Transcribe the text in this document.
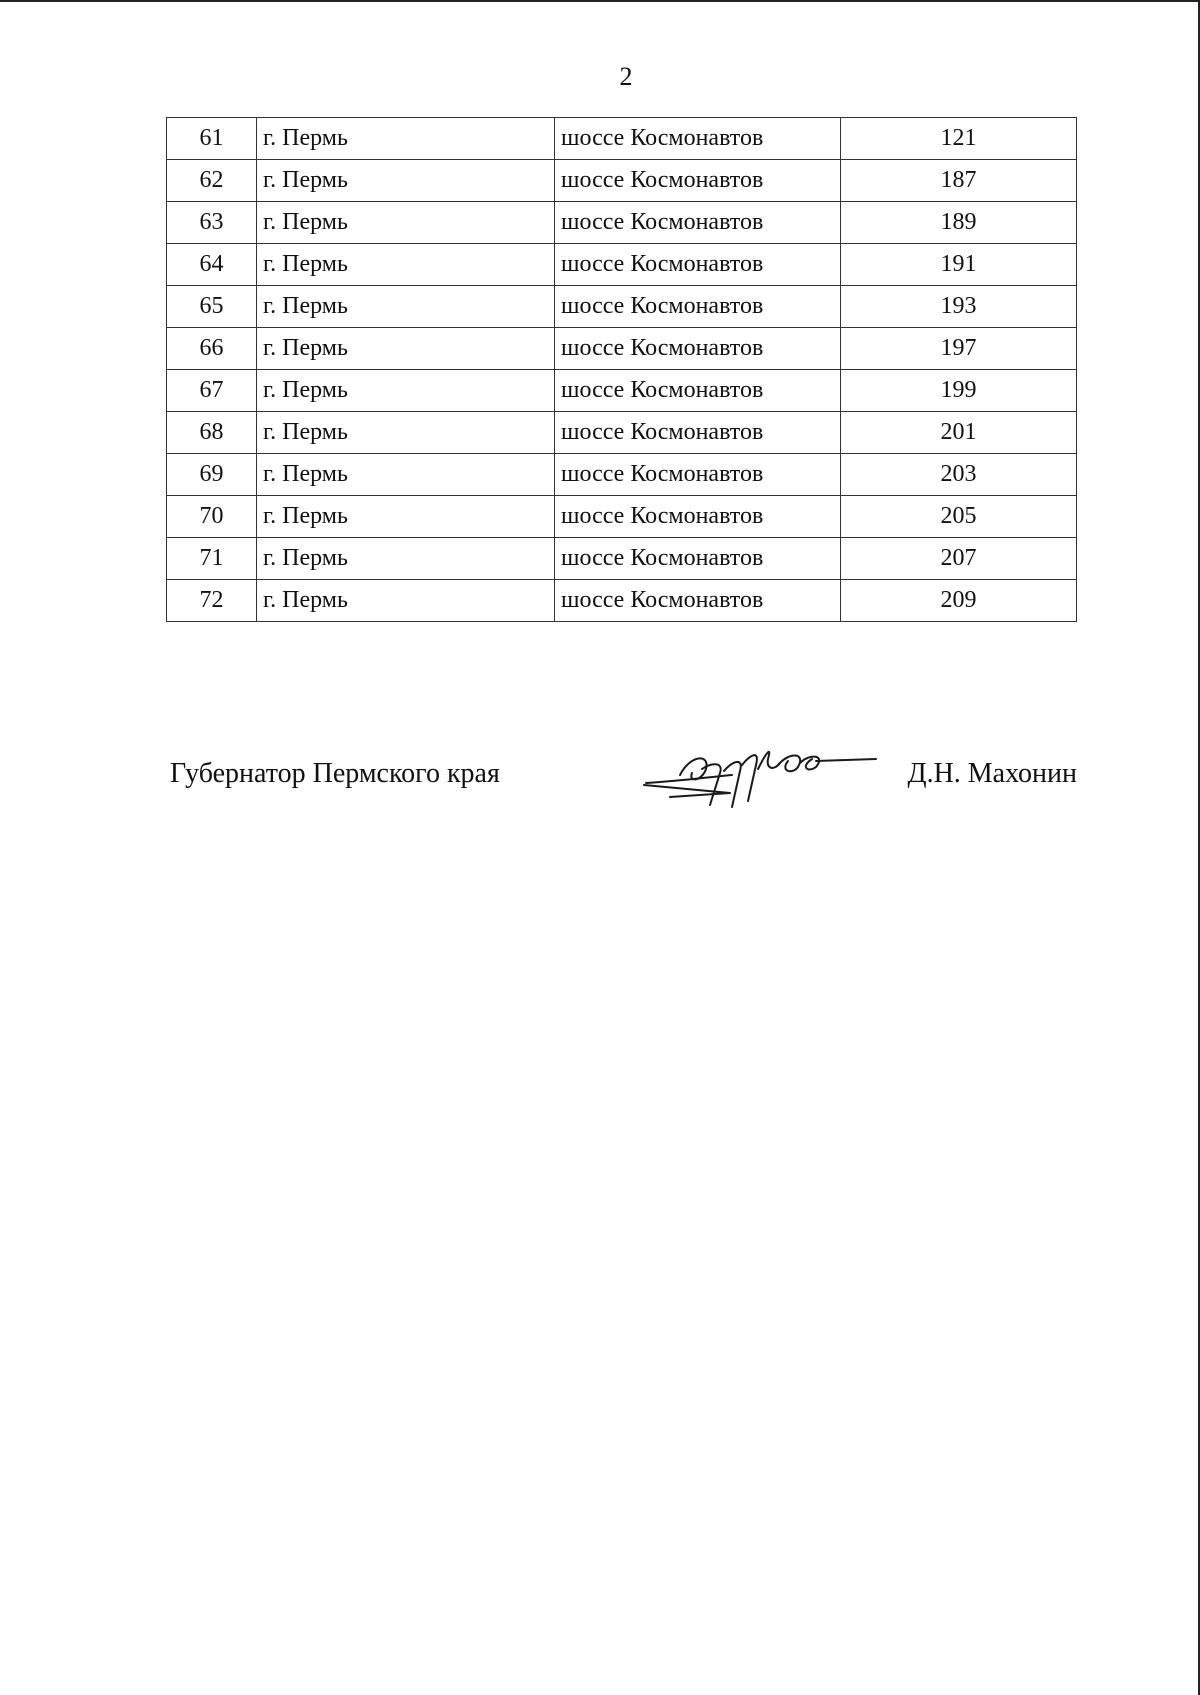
2
61	г. Пермь	шоссе Космонавтов	121
62	г. Пермь	шоссе Космонавтов	187
63	г. Пермь	шоссе Космонавтов	189
64	г. Пермь	шоссе Космонавтов	191
65	г. Пермь	шоссе Космонавтов	193
66	г. Пермь	шоссе Космонавтов	197
67	г. Пермь	шоссе Космонавтов	199
68	г. Пермь	шоссе Космонавтов	201
69	г. Пермь	шоссе Космонавтов	203
70	г. Пермь	шоссе Космонавтов	205
71	г. Пермь	шоссе Космонавтов	207
72	г. Пермь	шоссе Космонавтов	209
Губернатор Пермского края	Д.Н. Махонин
